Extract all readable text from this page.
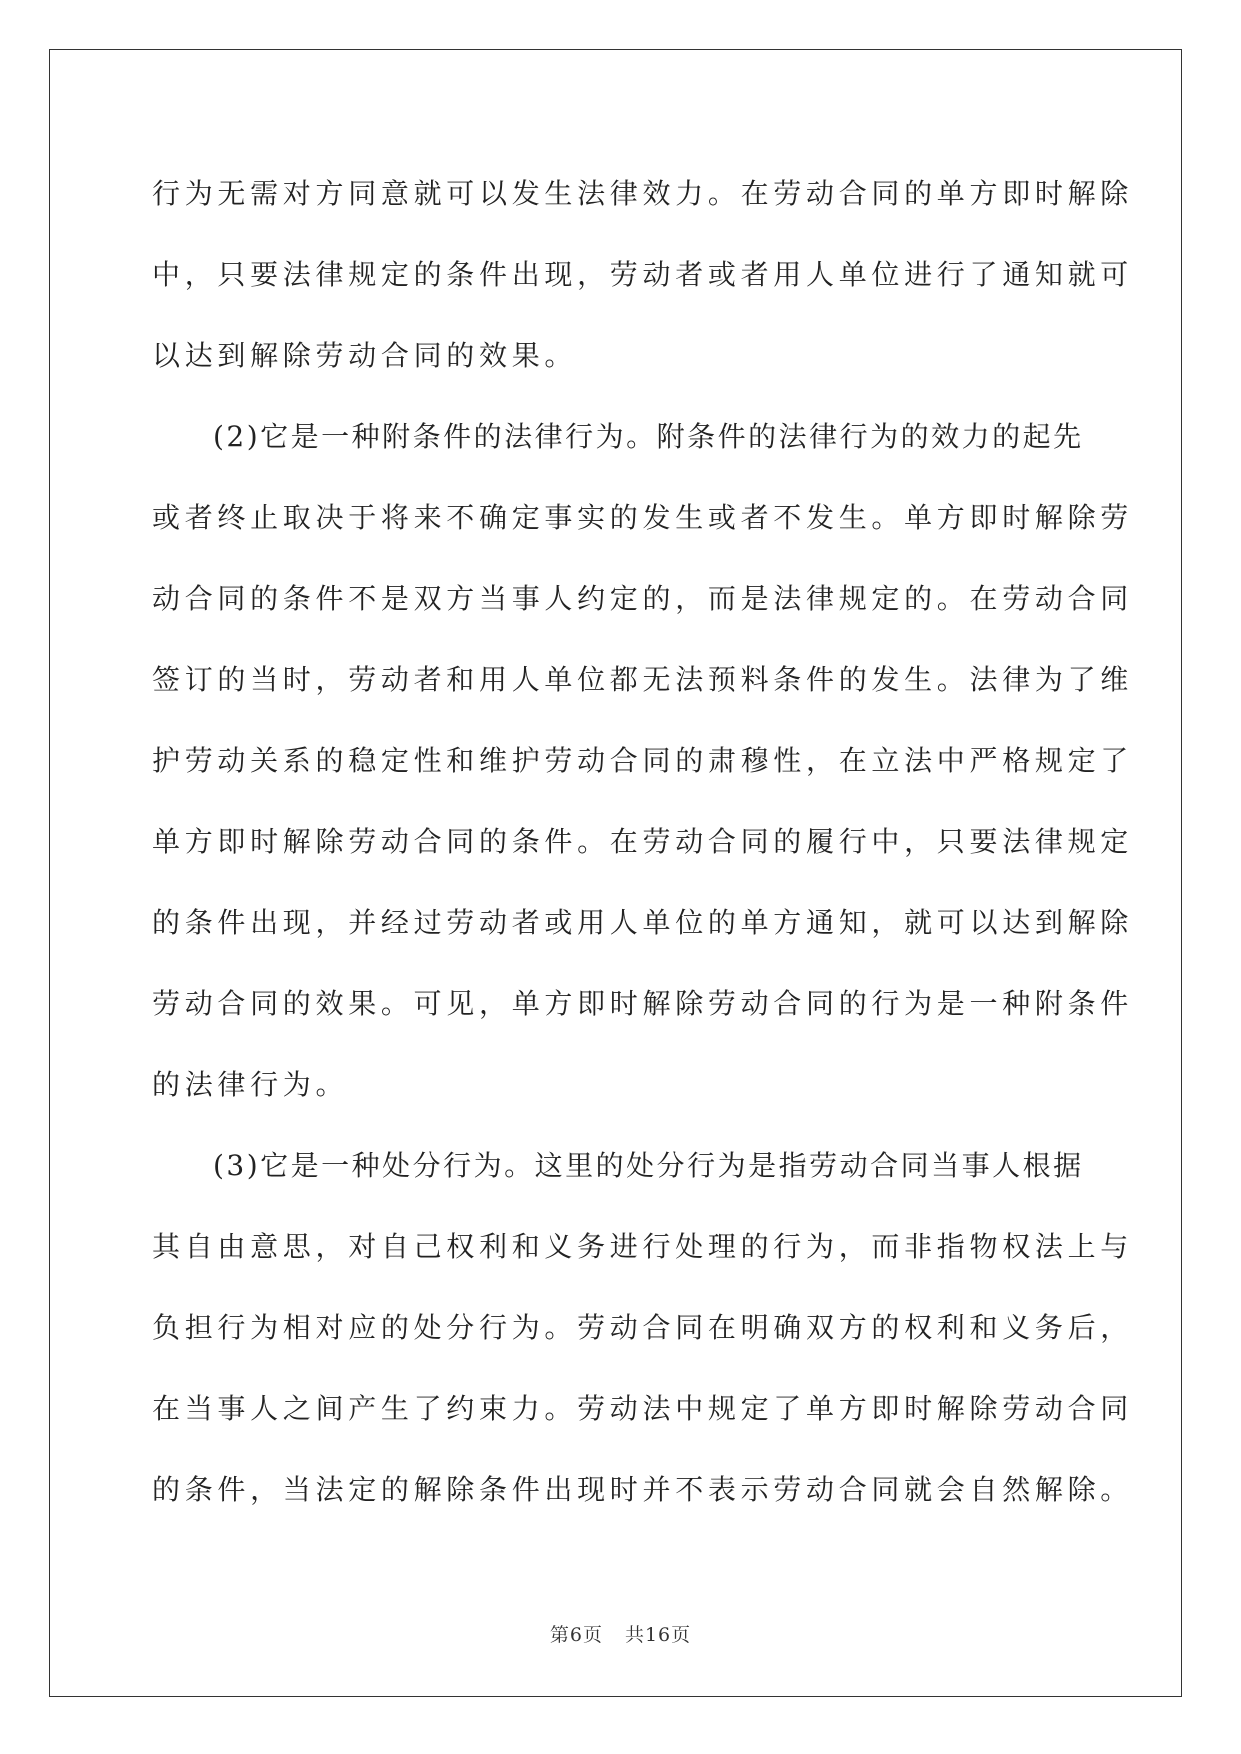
行为无需对方同意就可以发生法律效力。在劳动合同的单方即时解除
中，只要法律规定的条件出现，劳动者或者用人单位进行了通知就可
以达到解除劳动合同的效果。
(2)它是一种附条件的法律行为。附条件的法律行为的效力的起先
或者终止取决于将来不确定事实的发生或者不发生。单方即时解除劳
动合同的条件不是双方当事人约定的，而是法律规定的。在劳动合同
签订的当时，劳动者和用人单位都无法预料条件的发生。法律为了维
护劳动关系的稳定性和维护劳动合同的肃穆性，在立法中严格规定了
单方即时解除劳动合同的条件。在劳动合同的履行中，只要法律规定
的条件出现，并经过劳动者或用人单位的单方通知，就可以达到解除
劳动合同的效果。可见，单方即时解除劳动合同的行为是一种附条件
的法律行为。
(3)它是一种处分行为。这里的处分行为是指劳动合同当事人根据
其自由意思，对自己权利和义务进行处理的行为，而非指物权法上与
负担行为相对应的处分行为。劳动合同在明确双方的权利和义务后，
在当事人之间产生了约束力。劳动法中规定了单方即时解除劳动合同
的条件，当法定的解除条件出现时并不表示劳动合同就会自然解除。
第6页 共16页
